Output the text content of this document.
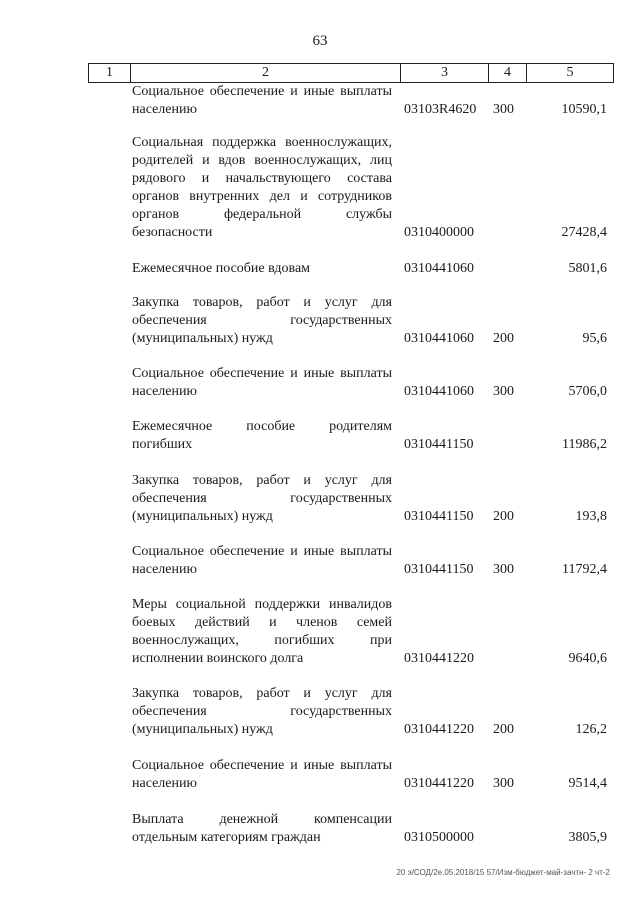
63
1	2	3	4	5
Социальное обеспечение и иные выплаты населению	03103R4620 300	10590,1
Социальная поддержка военнослужащих, родителей и вдов военнослужащих, лиц рядового и начальствующего состава органов внутренних дел и сотрудников органов федеральной службы безопасности	0310400000	27428,4
Ежемесячное пособие вдовам	0310441060	5801,6
Закупка товаров, работ и услуг для обеспечения государственных (муниципальных) нужд	0310441060 200	95,6
Социальное обеспечение и иные выплаты населению	0310441060 300	5706,0
Ежемесячное пособие родителям погибших	0310441150	11986,2
Закупка товаров, работ и услуг для обеспечения государственных (муниципальных) нужд	0310441150 200	193,8
Социальное обеспечение и иные выплаты населению	0310441150 300	11792,4
Меры социальной поддержки инвалидов боевых действий и членов семей военнослужащих, погибших при исполнении воинского долга	0310441220	9640,6
Закупка товаров, работ и услуг для обеспечения государственных (муниципальных) нужд	0310441220 200	126,2
Социальное обеспечение и иные выплаты населению	0310441220 300	9514,4
Выплата денежной компенсации отдельным категориям граждан	0310500000	3805,9
20 э/СОД/2е.05.2018/15 57/Изм-бюджет-май-зачтн- 2 чт-2
